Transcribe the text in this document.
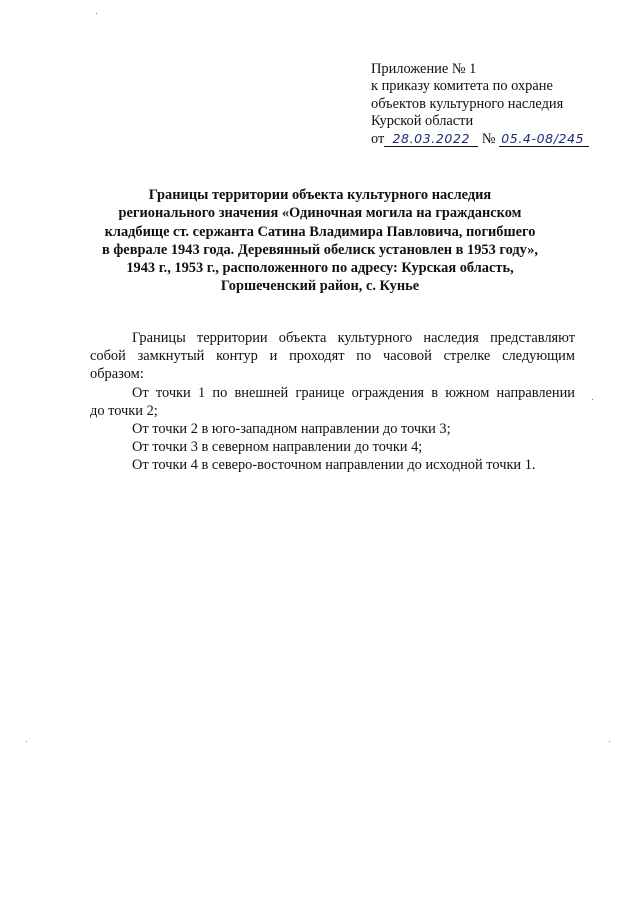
Приложение № 1
к приказу комитета по охране
объектов культурного наследия
Курской области
от 28.03.2022 № 05.4-08/245
Границы территории объекта культурного наследия
регионального значения «Одиночная могила на гражданском
кладбище ст. сержанта Сатина Владимира Павловича, погибшего
в феврале 1943 года. Деревянный обелиск установлен в 1953 году»,
1943 г., 1953 г., расположенного по адресу: Курская область,
Горшеченский район, с. Кунье
Границы территории объекта культурного наследия представляют
собой замкнутый контур и проходят по часовой стрелке следующим
образом:
От точки 1 по внешней границе ограждения в южном направлении
до точки 2;
От точки 2 в юго-западном направлении до точки 3;
От точки 3 в северном направлении до точки 4;
От точки 4 в северо-восточном направлении до исходной точки 1.
